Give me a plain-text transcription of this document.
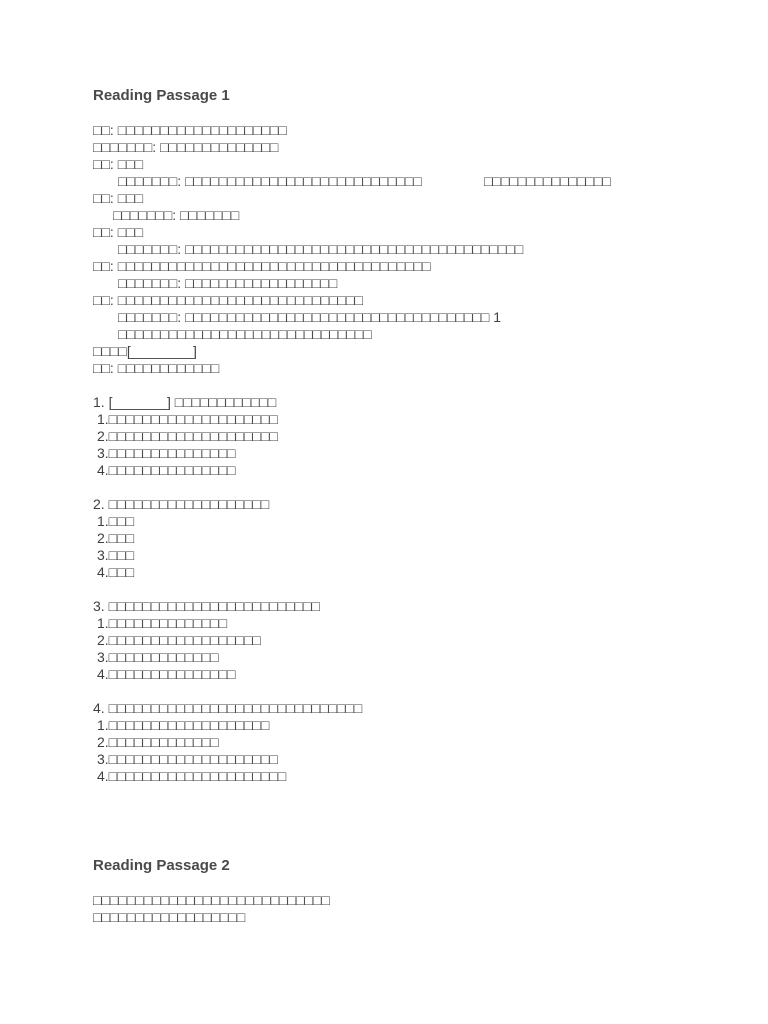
Reading Passage 1

□□: □□□□□□□□□□□□□□□□□□□□

□□□□□□□: □□□□□□□□□□□□□□

□□: □□□

□□□□□□□: □□□□□□□□□□□□□□□□□□□□□□□□□□□□                □□□□□□□□□□□□□□□

□□: □□□

□□□□□□□: □□□□□□□

□□: □□□

□□□□□□□: □□□□□□□□□□□□□□□□□□□□□□□□□□□□□□□□□□□□□□□□

□□: □□□□□□□□□□□□□□□□□□□□□□□□□□□□□□□□□□□□□

□□□□□□□: □□□□□□□□□□□□□□□□□□

□□: □□□□□□□□□□□□□□□□□□□□□□□□□□□□□

□□□□□□□: □□□□□□□□□□□□□□□□□□□□□□□□□□□□□□□□□□□□ 1 □□□□□□□□□□□□□□□□□□□□□□□□□□□□□□

□□□□[________]

□□: □□□□□□□□□□□□

1. [_______] □□□□□□□□□□□□

1.□□□□□□□□□□□□□□□□□□□□

2.□□□□□□□□□□□□□□□□□□□□

3.□□□□□□□□□□□□□□□

4.□□□□□□□□□□□□□□□

2. □□□□□□□□□□□□□□□□□□□

1.□□□

2.□□□

3.□□□

4.□□□

3. □□□□□□□□□□□□□□□□□□□□□□□□□

1.□□□□□□□□□□□□□□

2.□□□□□□□□□□□□□□□□□□

3.□□□□□□□□□□□□□

4.□□□□□□□□□□□□□□□

4. □□□□□□□□□□□□□□□□□□□□□□□□□□□□□□

1.□□□□□□□□□□□□□□□□□□□

2.□□□□□□□□□□□□□

3.□□□□□□□□□□□□□□□□□□□□

4.□□□□□□□□□□□□□□□□□□□□□

Reading Passage 2

□□□□□□□□□□□□□□□□□□□□□□□□□□□□

□□□□□□□□□□□□□□□□□□
